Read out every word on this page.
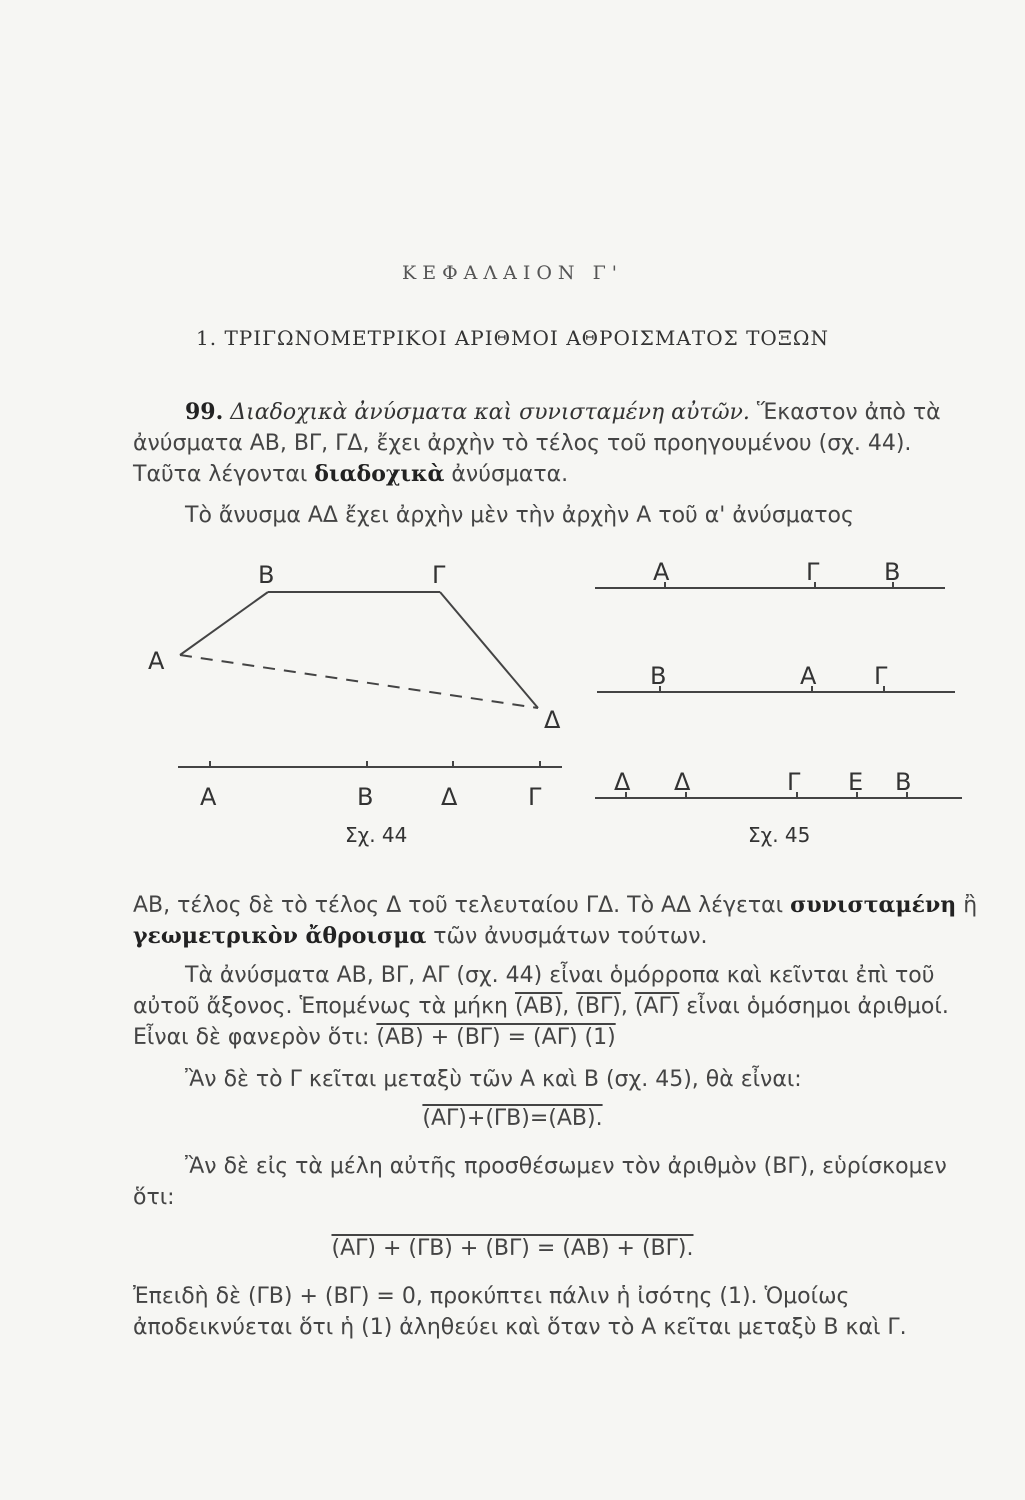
ΚΕΦΑΛΑΙΟΝ Γ'
1. ΤΡΙΓΩΝΟΜΕΤΡΙΚΟΙ ΑΡΙΘΜΟΙ ΑΘΡΟΙΣΜΑΤΟΣ ΤΟΞΩΝ

99. Διαδοχικὰ ἀνύσματα καὶ συνισταμένη αὐτῶν. Ἕκαστον ἀπὸ τὰ ἀνύσματα ΑΒ, ΒΓ, ΓΔ, ἔχει ἀρχὴν τὸ τέλος τοῦ προηγουμένου (σχ. 44). Ταῦτα λέγονται διαδοχικὰ ἀνύσματα.

Τὸ ἄνυσμα ΑΔ ἔχει ἀρχὴν μὲν τὴν ἀρχὴν Α τοῦ α' ἀνύσματος

Α
Β	Γ
Δ
Α	Β	Δ	Γ
Σχ. 44
Α	Γ	Β
Β	Α Γ
Δ Δ	Γ Ε Β
Σχ. 45

ΑΒ, τέλος δὲ τὸ τέλος Δ τοῦ τελευταίου ΓΔ. Τὸ ΑΔ λέγεται συνισταμένη ἢ γεωμετρικὸν ἄθροισμα τῶν ἀνυσμάτων τούτων.

Τὰ ἀνύσματα ΑΒ, ΒΓ, ΑΓ (σχ. 44) εἶναι ὁμόρροπα καὶ κεῖνται ἐπὶ τοῦ αὐτοῦ ἄξονος. Ἑπομένως τὰ μήκη (ΑΒ), (ΒΓ), (ΑΓ) εἶναι ὁμόσημοι ἀριθμοί. Εἶναι δὲ φανερὸν ὅτι: (ΑΒ) + (ΒΓ) = (ΑΓ) (1)

Ἂν δὲ τὸ Γ κεῖται μεταξὺ τῶν Α καὶ Β (σχ. 45), θὰ εἶναι:

(ΑΓ)+(ΓΒ)=(ΑΒ).

Ἂν δὲ εἰς τὰ μέλη αὐτῆς προσθέσωμεν τὸν ἀριθμὸν (ΒΓ), εὑρίσκομεν ὅτι:

(ΑΓ) + (ΓΒ) + (ΒΓ) = (ΑΒ) + (ΒΓ).

Ἐπειδὴ δὲ (ΓΒ) + (ΒΓ) = 0, προκύπτει πάλιν ἡ ἰσότης (1). Ὁμοίως ἀποδεικνύεται ὅτι ἡ (1) ἀληθεύει καὶ ὅταν τὸ Α κεῖται μεταξὺ Β καὶ Γ.
